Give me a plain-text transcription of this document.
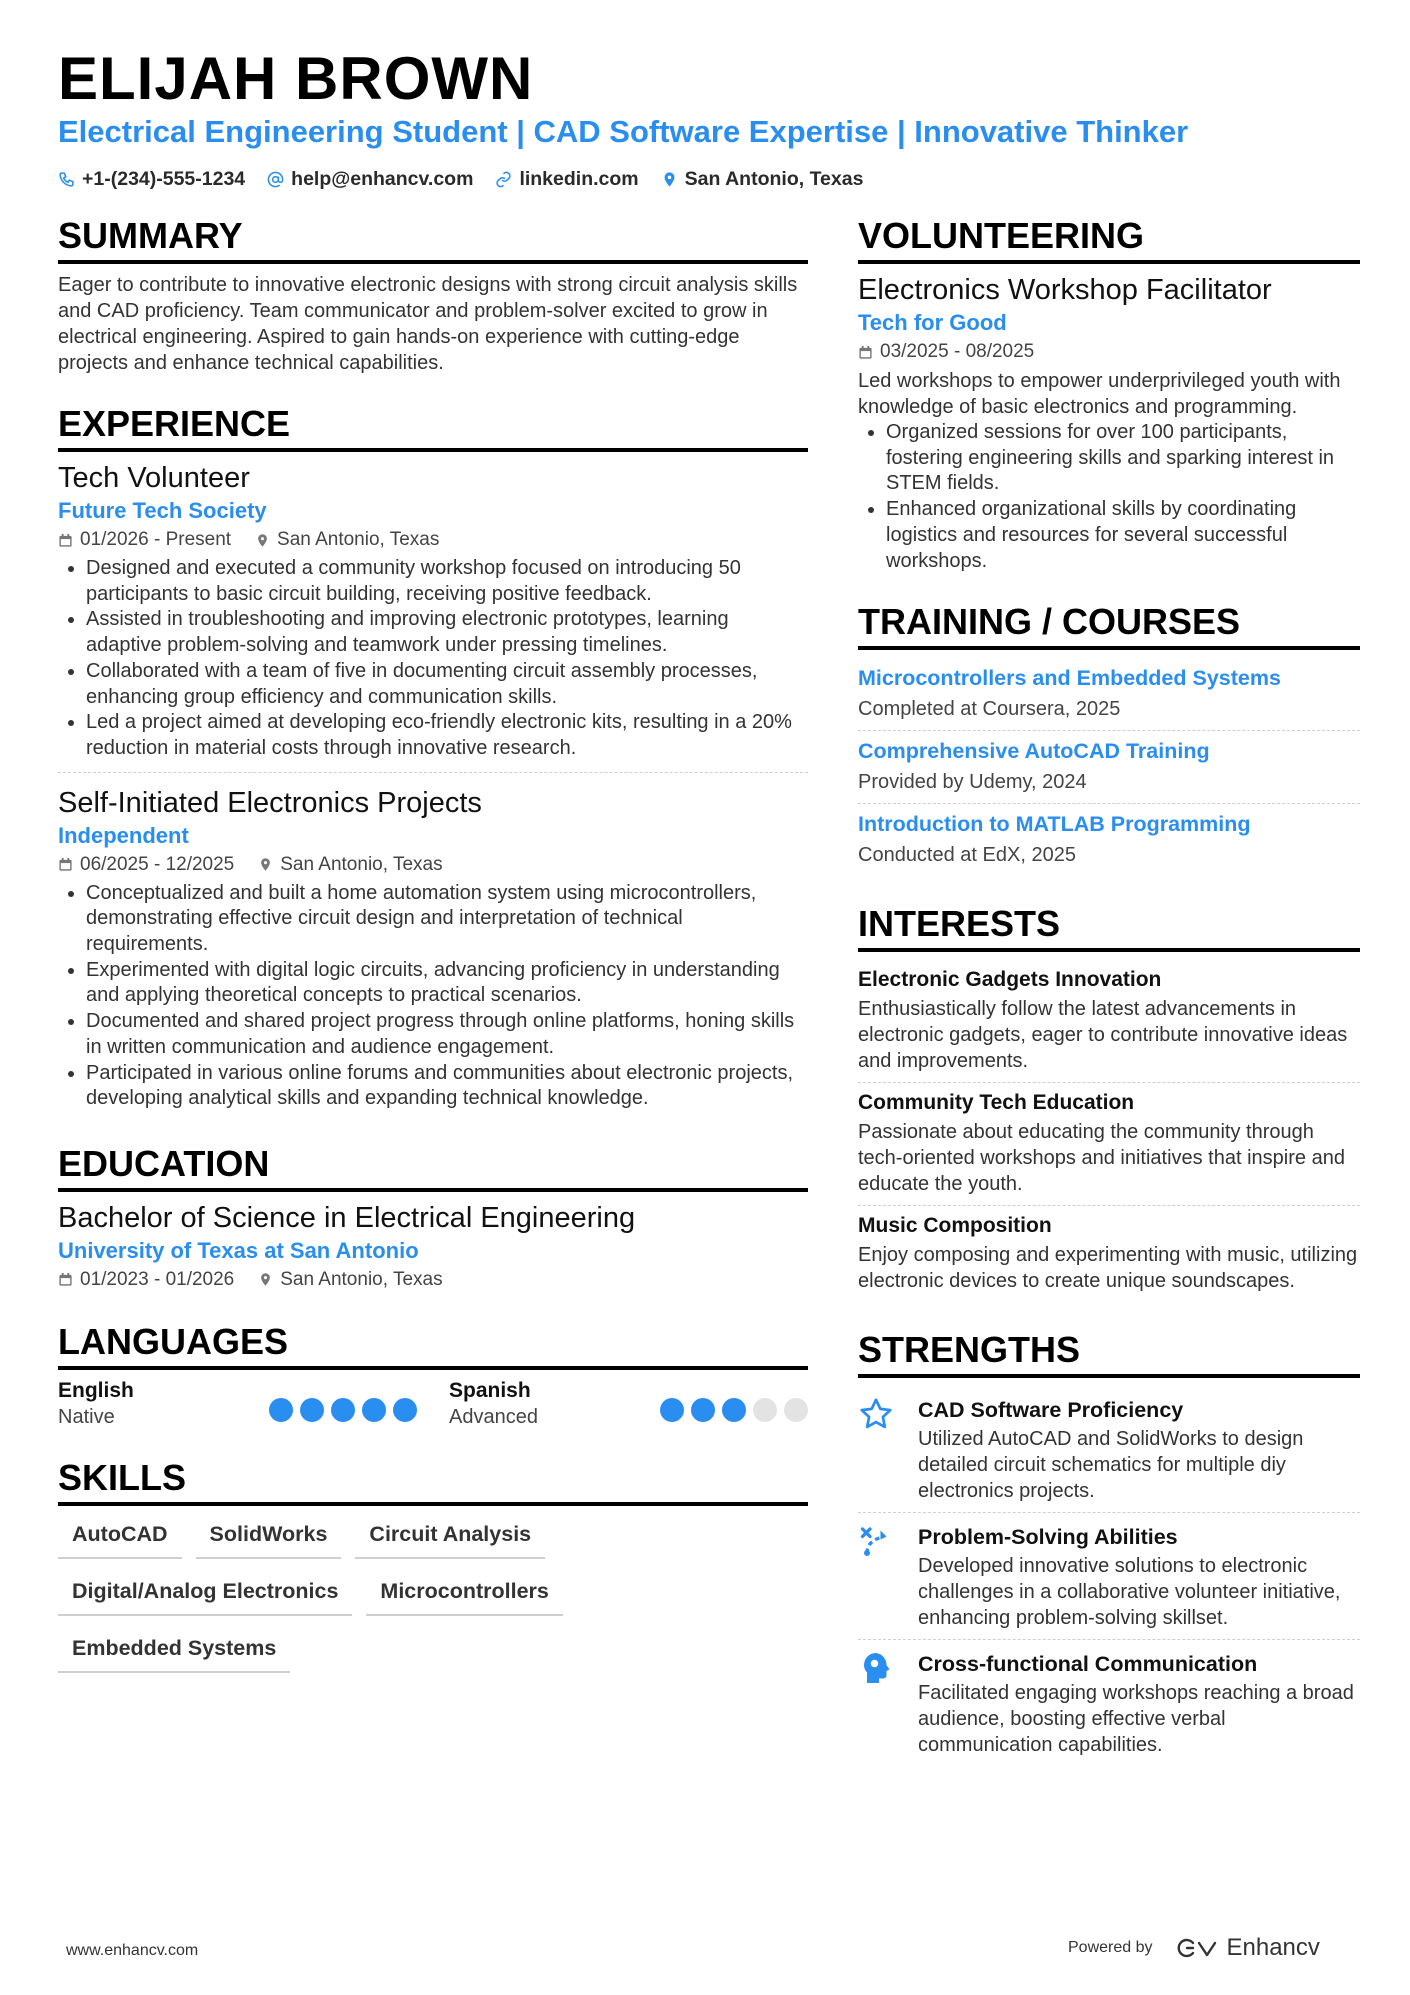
ELIJAH BROWN
Electrical Engineering Student | CAD Software Expertise | Innovative Thinker
+1-(234)-555-1234 help@enhancv.com linkedin.com San Antonio, Texas
SUMMARY

Eager to contribute to innovative electronic designs with strong circuit analysis skills and CAD proficiency. Team communicator and problem-solver excited to grow in electrical engineering. Aspired to gain hands-on experience with cutting-edge projects and enhance technical capabilities.

EXPERIENCE
Tech Volunteer
Future Tech Society
01/2026 - Present San Antonio, Texas
• Designed and executed a community workshop focused on introducing 50 participants to basic circuit building, receiving positive feedback.
• Assisted in troubleshooting and improving electronic prototypes, learning adaptive problem-solving and teamwork under pressing timelines.
• Collaborated with a team of five in documenting circuit assembly processes, enhancing group efficiency and communication skills.
• Led a project aimed at developing eco-friendly electronic kits, resulting in a 20% reduction in material costs through innovative research.
Self-Initiated Electronics Projects
Independent
06/2025 - 12/2025 San Antonio, Texas
• Conceptualized and built a home automation system using microcontrollers, demonstrating effective circuit design and interpretation of technical requirements.
• Experimented with digital logic circuits, advancing proficiency in understanding and applying theoretical concepts to practical scenarios.
• Documented and shared project progress through online platforms, honing skills in written communication and audience engagement.
• Participated in various online forums and communities about electronic projects, developing analytical skills and expanding technical knowledge.
EDUCATION
Bachelor of Science in Electrical Engineering
University of Texas at San Antonio
01/2023 - 01/2026 San Antonio, Texas
LANGUAGES
English
Native
Spanish
Advanced
SKILLS
AutoCAD	SolidWorks	Circuit Analysis
Digital/Analog Electronics	Microcontrollers
Embedded Systems
VOLUNTEERING
Electronics Workshop Facilitator
Tech for Good
03/2025 - 08/2025

Led workshops to empower underprivileged youth with knowledge of basic electronics and programming.

• Organized sessions for over 100 participants, fostering engineering skills and sparking interest in STEM fields.
• Enhanced organizational skills by coordinating logistics and resources for several successful workshops.
TRAINING / COURSES
Microcontrollers and Embedded Systems
Completed at Coursera, 2025
Comprehensive AutoCAD Training
Provided by Udemy, 2024
Introduction to MATLAB Programming
Conducted at EdX, 2025
INTERESTS
Electronic Gadgets Innovation

Enthusiastically follow the latest advancements in electronic gadgets, eager to contribute innovative ideas and improvements.

Community Tech Education

Passionate about educating the community through tech-oriented workshops and initiatives that inspire and educate the youth.

Music Composition

Enjoy composing and experimenting with music, utilizing electronic devices to create unique soundscapes.

STRENGTHS
CAD Software Proficiency

Utilized AutoCAD and SolidWorks to design detailed circuit schematics for multiple diy electronics projects.

Problem-Solving Abilities

Developed innovative solutions to electronic challenges in a collaborative volunteer initiative, enhancing problem-solving skillset.

Cross-functional Communication

Facilitated engaging workshops reaching a broad audience, boosting effective verbal communication capabilities.

www.enhancv.com	Powered by	Enhancv
